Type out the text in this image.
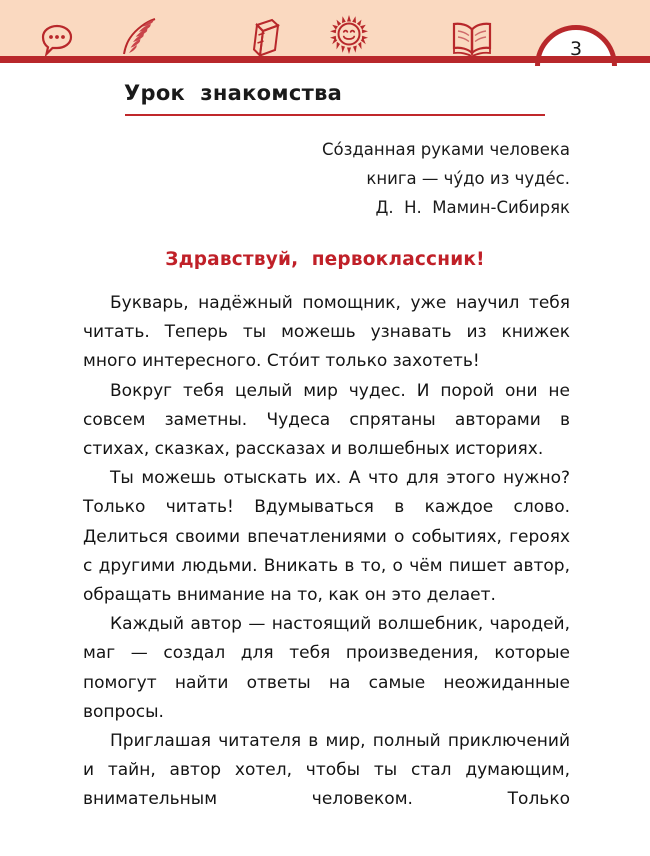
3
Урок  знакомства
Со́зданная руками человека
книга — чу́до из чуде́с.
Д.  Н.  Мамин-Сибиряк
Здравствуй,  первоклассник!

Букварь, надёжный помощник, уже научил тебя читать. Теперь ты можешь узнавать из книжек много интересного. Сто́ит только захотеть!

Вокруг тебя целый мир чудес. И порой они не совсем заметны. Чудеса спрятаны авторами в стихах, сказках, рассказах и волшебных историях.

Ты можешь отыскать их. А что для этого нужно? Только читать! Вдумываться в каждое слово. Делиться своими впечатлениями о событиях, героях с другими людьми. Вникать в то, о чём пишет автор, обращать внимание на то, как он это делает.

Каждый автор — настоящий волшебник, чародей, маг — создал для тебя произведения, которые помогут найти ответы на самые неожиданные вопросы.

Приглашая читателя в мир, полный приключений и тайн, автор хотел, чтобы ты стал думающим, внимательным человеком. Только
